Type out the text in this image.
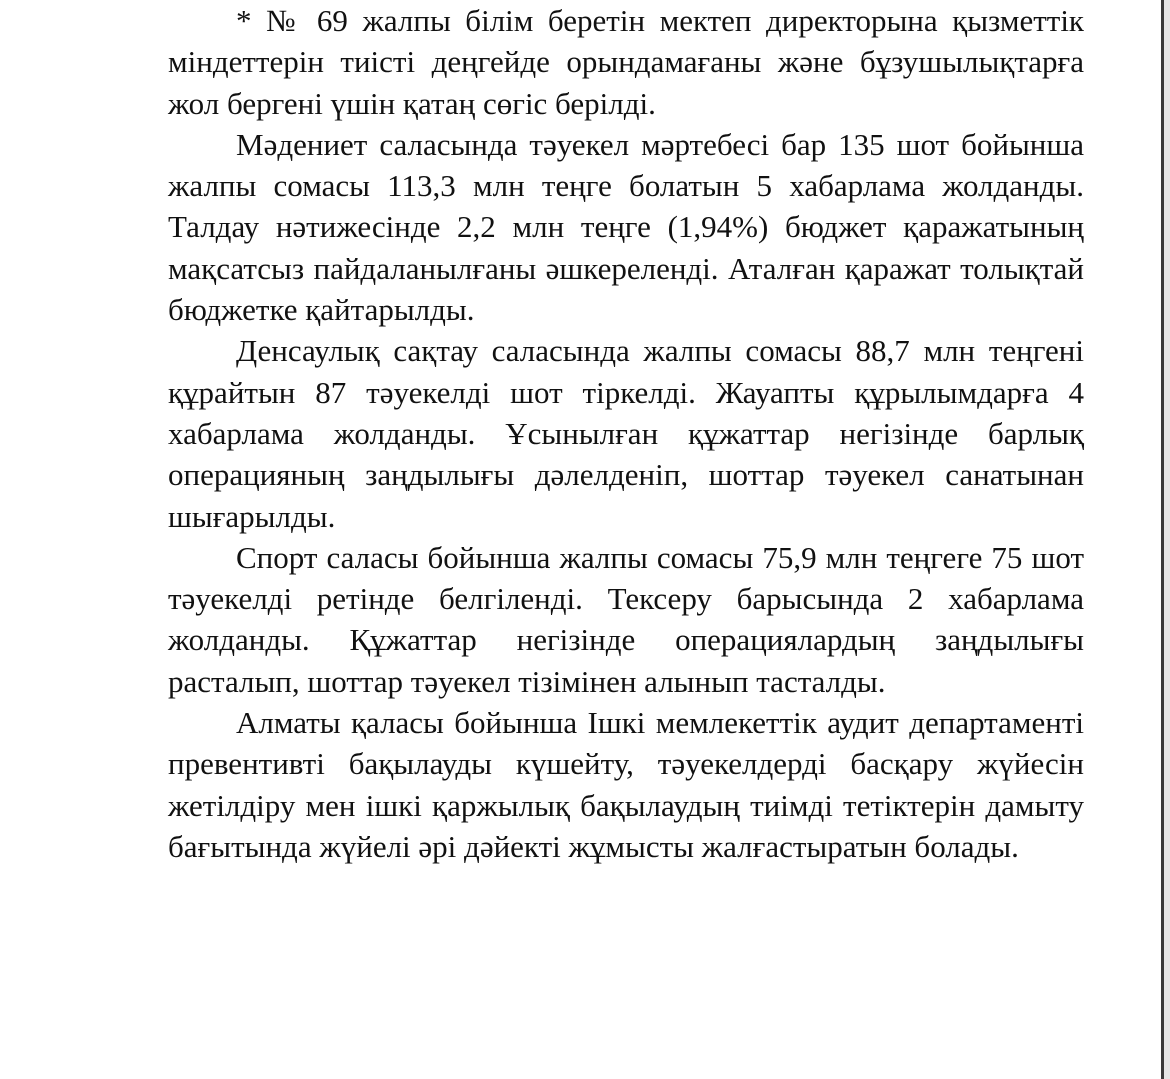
* № 69 жалпы білім беретін мектеп директорына қызметтік міндеттерін тиісті деңгейде орындамағаны және бұзушылықтарға жол бергені үшін қатаң сөгіс берілді.

Мәдениет саласында тәуекел мәртебесі бар 135 шот бойынша жалпы сомасы 113,3 млн теңге болатын 5 хабарлама жолданды. Талдау нәтижесінде 2,2 млн теңге (1,94%) бюджет қаражатының мақсатсыз пайдаланылғаны әшкереленді. Аталған қаражат толықтай бюджетке қайтарылды.

Денсаулық сақтау саласында жалпы сомасы 88,7 млн теңгені құрайтын 87 тәуекелді шот тіркелді. Жауапты құрылымдарға 4 хабарлама жолданды. Ұсынылған құжаттар негізінде барлық операцияның заңдылығы дәлелденіп, шоттар тәуекел санатынан шығарылды.

Спорт саласы бойынша жалпы сомасы 75,9 млн теңгеге 75 шот тәуекелді ретінде белгіленді. Тексеру барысында 2 хабарлама жолданды. Құжаттар негізінде операциялардың заңдылығы расталып, шоттар тәуекел тізімінен алынып тасталды.

Алматы қаласы бойынша Ішкі мемлекеттік аудит департаменті превентивті бақылауды күшейту, тәуекелдерді басқару жүйесін жетілдіру мен ішкі қаржылық бақылаудың тиімді тетіктерін дамыту бағытында жүйелі әрі дәйекті жұмысты жалғастыратын болады.
